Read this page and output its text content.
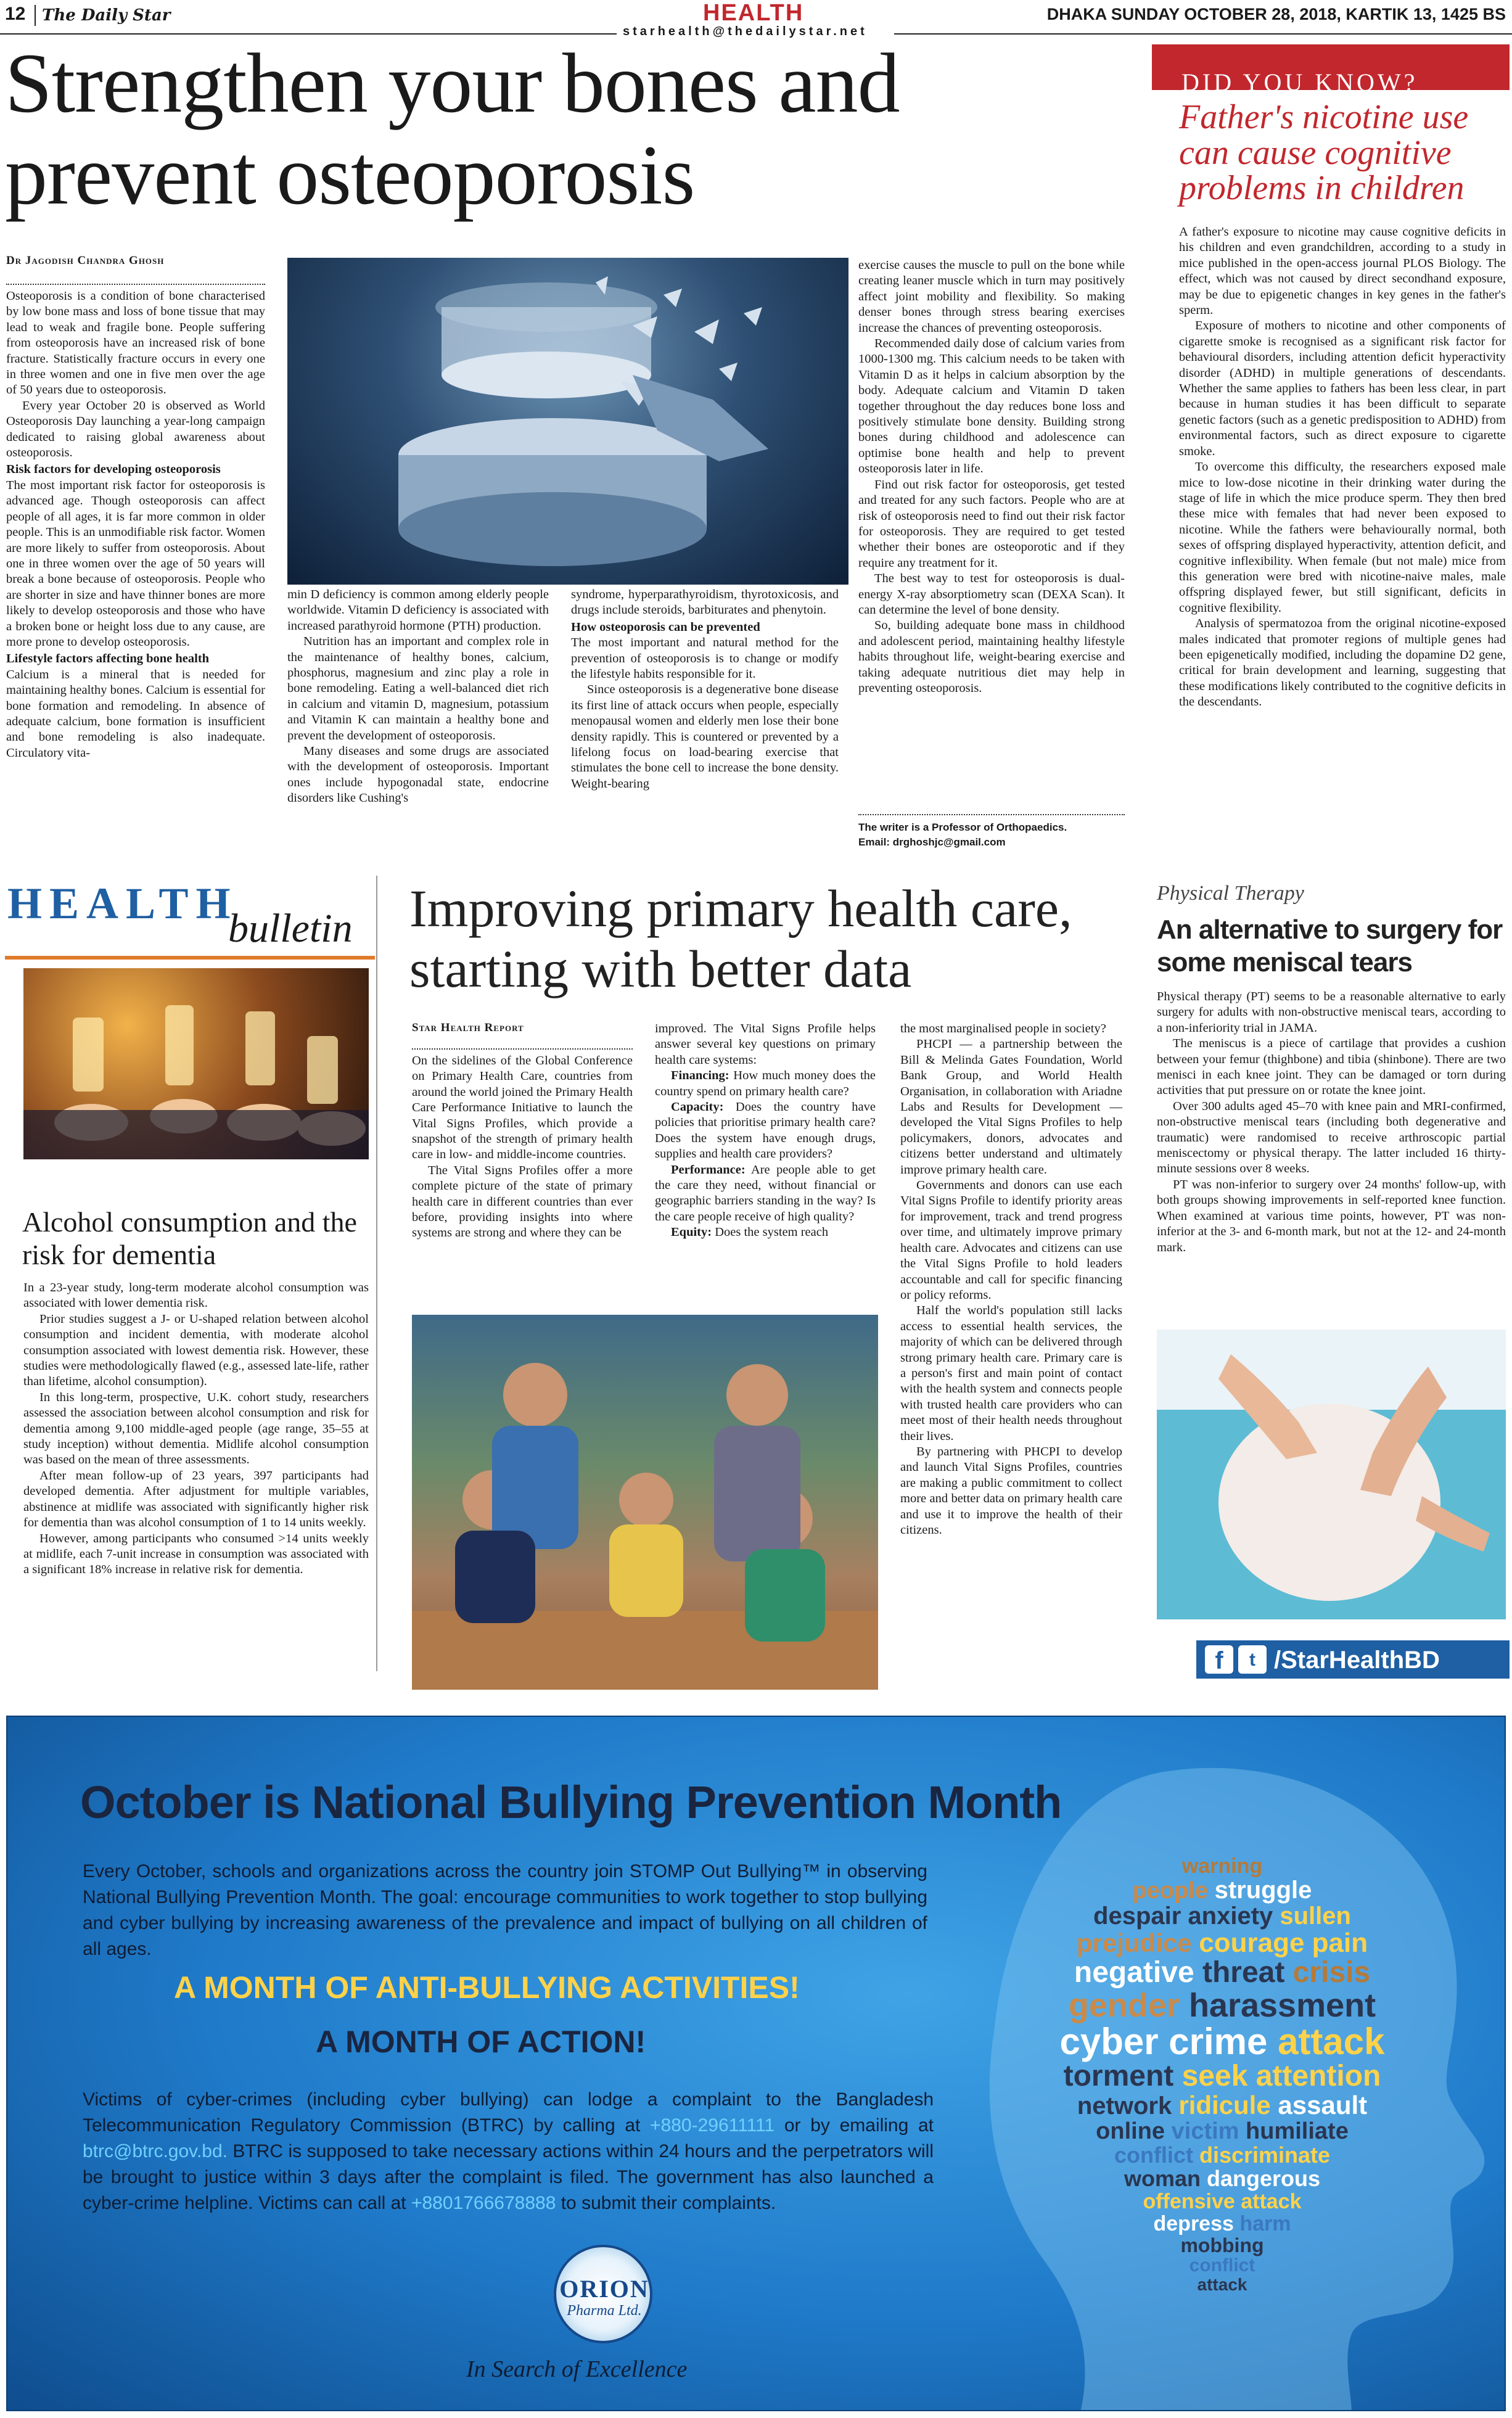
12 The Daily Star	HEALTH
starhealth@thedailystar.net
DHAKA SUNDAY OCTOBER 28, 2018, KARTIK 13, 1425 BS
Strengthen your bones and prevent osteoporosis
Dr Jagodish Chandra Ghosh

Osteoporosis is a condition of bone characterised by low bone mass and loss of bone tissue that may lead to weak and fragile bone. People suffering from osteoporosis have an increased risk of bone fracture. Statistically fracture occurs in every one in three women and one in five men over the age of 50 years due to osteoporosis.

Every year October 20 is observed as World Osteoporosis Day launching a year-long campaign dedicated to raising global awareness about osteoporosis.

Risk factors for developing osteoporosis

The most important risk factor for osteoporosis is advanced age. Though osteoporosis can affect people of all ages, it is far more common in older people. This is an unmodifiable risk factor. Women are more likely to suffer from osteoporosis. About one in three women over the age of 50 years will break a bone because of osteoporosis. People who are shorter in size and have thinner bones are more likely to develop osteoporosis and those who have a broken bone or height loss due to any cause, are more prone to develop osteoporosis.

Lifestyle factors affecting bone health

Calcium is a mineral that is needed for maintaining healthy bones. Calcium is essential for bone formation and remodeling. In absence of adequate calcium, bone formation is insufficient and bone remodeling is also inadequate. Circulatory vita-

min D deficiency is common among elderly people worldwide. Vitamin D deficiency is associated with increased parathyroid hormone (PTH) production.

Nutrition has an important and complex role in the maintenance of healthy bones, calcium, phosphorus, magnesium and zinc play a role in bone remodeling. Eating a well-balanced diet rich in calcium and vitamin D, magnesium, potassium and Vitamin K can maintain a healthy bone and prevent the development of osteoporosis.

Many diseases and some drugs are associated with the development of osteoporosis. Important ones include hypogonadal state, endocrine disorders like Cushing's

syndrome, hyperparathyroidism, thyrotoxicosis, and drugs include steroids, barbiturates and phenytoin.

How osteoporosis can be prevented

The most important and natural method for the prevention of osteoporosis is to change or modify the lifestyle habits responsible for it.

Since osteoporosis is a degenerative bone disease its first line of attack occurs when people, especially menopausal women and elderly men lose their bone density rapidly. This is countered or prevented by a lifelong focus on load-bearing exercise that stimulates the bone cell to increase the bone density. Weight-bearing

exercise causes the muscle to pull on the bone while creating leaner muscle which in turn may positively affect joint mobility and flexibility. So making denser bones through stress bearing exercises increase the chances of preventing osteoporosis.

Recommended daily dose of calcium varies from 1000-1300 mg. This calcium needs to be taken with Vitamin D as it helps in calcium absorption by the body. Adequate calcium and Vitamin D taken together throughout the day reduces bone loss and positively stimulate bone density. Building strong bones during childhood and adolescence can optimise bone health and help to prevent osteoporosis later in life.

Find out risk factor for osteoporosis, get tested and treated for any such factors. People who are at risk of osteoporosis need to find out their risk factor for osteoporosis. They are required to get tested whether their bones are osteoporotic and if they require any treatment for it.

The best way to test for osteoporosis is dual-energy X-ray absorptiometry scan (DEXA Scan). It can determine the level of bone density.

So, building adequate bone mass in childhood and adolescent period, maintaining healthy lifestyle habits throughout life, weight-bearing exercise and taking adequate nutritious diet may help in preventing osteoporosis.

The writer is a Professor of Orthopaedics.
Email: drghoshjc@gmail.com
DID YOU KNOW?
Father's nicotine use can cause cognitive problems in children

A father's exposure to nicotine may cause cognitive deficits in his children and even grandchildren, according to a study in mice published in the open-access journal PLOS Biology. The effect, which was not caused by direct secondhand exposure, may be due to epigenetic changes in key genes in the father's sperm.

Exposure of mothers to nicotine and other components of cigarette smoke is recognised as a significant risk factor for behavioural disorders, including attention deficit hyperactivity disorder (ADHD) in multiple generations of descendants. Whether the same applies to fathers has been less clear, in part because in human studies it has been difficult to separate genetic factors (such as a genetic predisposition to ADHD) from environmental factors, such as direct exposure to cigarette smoke.

To overcome this difficulty, the researchers exposed male mice to low-dose nicotine in their drinking water during the stage of life in which the mice produce sperm. They then bred these mice with females that had never been exposed to nicotine. While the fathers were behaviourally normal, both sexes of offspring displayed hyperactivity, attention deficit, and cognitive inflexibility. When female (but not male) mice from this generation were bred with nicotine-naive males, male offspring displayed fewer, but still significant, deficits in cognitive flexibility.

Analysis of spermatozoa from the original nicotine-exposed males indicated that promoter regions of multiple genes had been epigenetically modified, including the dopamine D2 gene, critical for brain development and learning, suggesting that these modifications likely contributed to the cognitive deficits in the descendants.

HEALTH
bulletin
Alcohol consumption and the risk for dementia

In a 23-year study, long-term moderate alcohol consumption was associated with lower dementia risk.

Prior studies suggest a J- or U-shaped relation between alcohol consumption and incident dementia, with moderate alcohol consumption associated with lowest dementia risk. However, these studies were methodologically flawed (e.g., assessed late-life, rather than lifetime, alcohol consumption).

In this long-term, prospective, U.K. cohort study, researchers assessed the association between alcohol consumption and risk for dementia among 9,100 middle-aged people (age range, 35–55 at study inception) without dementia. Midlife alcohol consumption was based on the mean of three assessments.

After mean follow-up of 23 years, 397 participants had developed dementia. After adjustment for multiple variables, abstinence at midlife was associated with significantly higher risk for dementia than was alcohol consumption of 1 to 14 units weekly.

However, among participants who consumed >14 units weekly at midlife, each 7-unit increase in consumption was associated with a significant 18% increase in relative risk for dementia.

Improving primary health care, starting with better data
Star Health Report

On the sidelines of the Global Conference on Primary Health Care, countries from around the world joined the Primary Health Care Performance Initiative to launch the Vital Signs Profiles, which provide a snapshot of the strength of primary health care in low- and middle-income countries.

The Vital Signs Profiles offer a more complete picture of the state of primary health care in different countries than ever before, providing insights into where systems are strong and where they can be

improved. The Vital Signs Profile helps answer several key questions on primary health care systems:

Financing: How much money does the country spend on primary health care?

Capacity: Does the country have policies that prioritise primary health care? Does the system have enough drugs, supplies and health care providers?

Performance: Are people able to get the care they need, without financial or geographic barriers standing in the way? Is the care people receive of high quality?

Equity: Does the system reach

the most marginalised people in society?

PHCPI — a partnership between the Bill & Melinda Gates Foundation, World Bank Group, and World Health Organisation, in collaboration with Ariadne Labs and Results for Development — developed the Vital Signs Profiles to help policymakers, donors, advocates and citizens better understand and ultimately improve primary health care.

Governments and donors can use each Vital Signs Profile to identify priority areas for improvement, track and trend progress over time, and ultimately improve primary health care. Advocates and citizens can use the Vital Signs Profile to hold leaders accountable and call for specific financing or policy reforms.

Half the world's population still lacks access to essential health services, the majority of which can be delivered through strong primary health care. Primary care is a person's first and main point of contact with the health system and connects people with trusted health care providers who can meet most of their health needs throughout their lives.

By partnering with PHCPI to develop and launch Vital Signs Profiles, countries are making a public commitment to collect more and better data on primary health care and use it to improve the health of their citizens.

Physical Therapy
An alternative to surgery for some meniscal tears

Physical therapy (PT) seems to be a reasonable alternative to early surgery for adults with non-obstructive meniscal tears, according to a non-inferiority trial in JAMA.

The meniscus is a piece of cartilage that provides a cushion between your femur (thighbone) and tibia (shinbone). There are two menisci in each knee joint. They can be damaged or torn during activities that put pressure on or rotate the knee joint.

Over 300 adults aged 45–70 with knee pain and MRI-confirmed, non-obstructive meniscal tears (including both degenerative and traumatic) were randomised to receive arthroscopic partial meniscectomy or physical therapy. The latter included 16 thirty-minute sessions over 8 weeks.

PT was non-inferior to surgery over 24 months' follow-up, with both groups showing improvements in self-reported knee function. When examined at various time points, however, PT was non-inferior at the 3- and 6-month mark, but not at the 12- and 24-month mark.

f	t /StarHealthBD
October is National Bullying Prevention Month
Every October, schools and organizations across the country join STOMP Out Bullying™ in observing National Bullying Prevention Month. The goal: encourage communities to work together to stop bullying and cyber bullying by increasing awareness of the prevalence and impact of bullying on all children of all ages.
A MONTH OF ANTI-BULLYING ACTIVITIES!
A MONTH OF ACTION!
Victims of cyber-crimes (including cyber bullying) can lodge a complaint to the Bangladesh Telecommunication Regulatory Commission (BTRC) by calling at +880-29611111 or by emailing at btrc@btrc.gov.bd. BTRC is supposed to take necessary actions within 24 hours and the perpetrators will be brought to justice within 3 days after the complaint is filed. The government has also launched a cyber-crime helpline. Victims can call at +8801766678888 to submit their complaints.
ORION
Pharma Ltd.
In Search of Excellence
warning
people struggle
despair anxiety sullen
prejudice courage pain
negative threat crisis
gender harassment
cyber crime attack
torment seek attention
network ridicule assault
online victim humiliate
conflict discriminate
woman dangerous
offensive attack
depress harm
mobbing
conflict
attack
